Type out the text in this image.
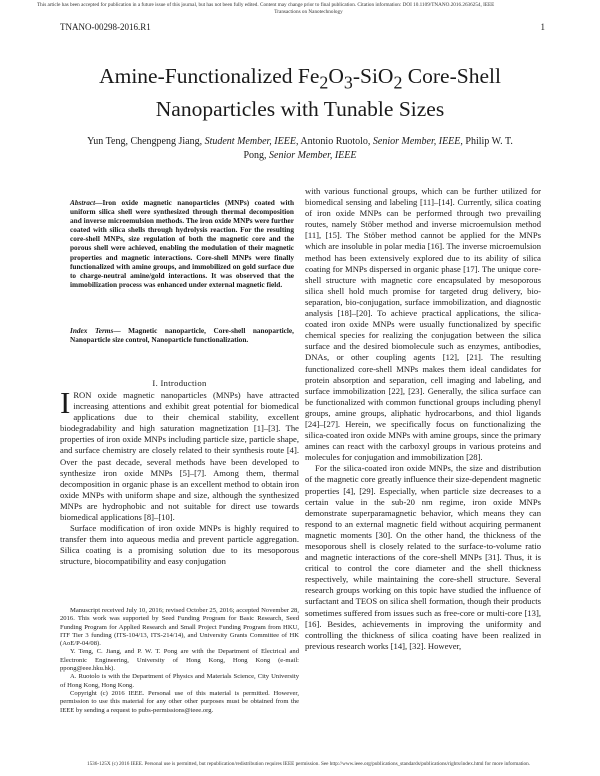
This article has been accepted for publication in a future issue of this journal, but has not been fully edited. Content may change prior to final publication. Citation information: DOI 10.1109/TNANO.2016.2636254, IEEE
Transactions on Nanotechnology
TNANO-00298-2016.R1	1
Amine-Functionalized $Fe_2O_3-SiO_2$ Core-Shell
Nanoparticles with Tunable Sizes
Yun Teng, Chengpeng Jiang, Student Member, IEEE, Antonio Ruotolo, Senior Member, IEEE, Philip W. T. Pong, Senior Member, IEEE
Abstract—Iron oxide magnetic nanoparticles (MNPs) coated with uniform silica shell were synthesized through thermal decomposition and inverse microemulsion methods. The iron oxide MNPs were further coated with silica shells through hydrolysis reaction. For the resulting core-shell MNPs, size regulation of both the magnetic core and the porous shell were achieved, enabling the modulation of their magnetic properties and magnetic interactions. Core-shell MNPs were finally functionalized with amine groups, and immobilized on gold surface due to charge-neutral amine/gold interactions. It was observed that the immobilization process was enhanced under external magnetic field.
Index Terms— Magnetic nanoparticle, Core-shell nanoparticle, Nanoparticle size control, Nanoparticle functionalization.
I. Introduction

IRON oxide magnetic nanoparticles (MNPs) have attracted increasing attentions and exhibit great potential for biomedical applications due to their chemical stability, excellent biodegradability and high saturation magnetization [1]–[3]. The properties of iron oxide MNPs including particle size, particle shape, and surface chemistry are closely related to their synthesis route [4]. Over the past decade, several methods have been developed to synthesize iron oxide MNPs [5]–[7]. Among them, thermal decomposition in organic phase is an excellent method to obtain iron oxide MNPs with uniform shape and size, although the synthesized MNPs are hydrophobic and not suitable for direct use towards biomedical applications [8]–[10].

Surface modification of iron oxide MNPs is highly required to transfer them into aqueous media and prevent particle aggregation. Silica coating is a promising solution due to its mesoporous structure, biocompatibility and easy conjugation

Manuscript received July 10, 2016; revised October 25, 2016; accepted November 28, 2016. This work was supported by Seed Funding Program for Basic Research, Seed Funding Program for Applied Research and Small Project Funding Program from HKU, ITF Tier 3 funding (ITS-104/13, ITS-214/14), and University Grants Committee of HK (AoE/P-04/08).

Y. Teng, C. Jiang, and P. W. T. Pong are with the Department of Electrical and Electronic Engineering, University of Hong Kong, Hong Kong (e-mail: ppong@eee.hku.hk).

A. Ruotolo is with the Department of Physics and Materials Science, City University of Hong Kong, Hong Kong.

Copyright (c) 2016 IEEE. Personal use of this material is permitted. However, permission to use this material for any other other purposes must be obtained from the IEEE by sending a request to pubs-permissions@ieee.org.

with various functional groups, which can be further utilized for biomedical sensing and labeling [11]–[14]. Currently, silica coating of iron oxide MNPs can be performed through two prevailing routes, namely Stöber method and inverse microemulsion method [11], [15]. The Stöber method cannot be applied for the MNPs which are insoluble in polar media [16]. The inverse microemulsion method has been extensively explored due to its ability of silica coating for MNPs dispersed in organic phase [17]. The unique core-shell structure with magnetic core encapsulated by mesoporous silica shell hold much promise for targeted drug delivery, bio-separation, bio-conjugation, surface immobilization, and diagnostic analysis [18]–[20]. To achieve practical applications, the silica-coated iron oxide MNPs were usually functionalized by specific chemical species for realizing the conjugation between the silica surface and the desired biomolecule such as enzymes, antibodies, DNAs, or other coupling agents [12], [21]. The resulting functionalized core-shell MNPs makes them ideal candidates for protein absorption and separation, cell imaging and labeling, and surface immobilization [22], [23]. Generally, the silica surface can be functionalized with common functional groups including phenyl groups, amine groups, aliphatic hydrocarbons, and thiol ligands [24]–[27]. Herein, we specifically focus on functionalizing the silica-coated iron oxide MNPs with amine groups, since the primary amines can react with the carboxyl groups in various proteins and molecules for conjugation and immobilization [28].

For the silica-coated iron oxide MNPs, the size and distribution of the magnetic core greatly influence their size-dependent magnetic properties [4], [29]. Especially, when particle size decreases to a certain value in the sub-20 nm regime, iron oxide MNPs demonstrate superparamagnetic behavior, which means they can respond to an external magnetic field without acquiring permanent magnetic moments [30]. On the other hand, the thickness of the mesoporous shell is closely related to the surface-to-volume ratio and magnetic interactions of the core-shell MNPs [31]. Thus, it is critical to control the core diameter and the shell thickness respectively, while maintaining the core-shell structure. Several research groups working on this topic have studied the influence of surfactant and TEOS on silica shell formation, though their products sometimes suffered from issues such as free-core or multi-core [13], [16]. Besides, achievements in improving the uniformity and controlling the thickness of silica coating have been realized in previous research works [14], [32]. However,

1536-125X (c) 2016 IEEE. Personal use is permitted, but republication/redistribution requires IEEE permission. See http://www.ieee.org/publications_standards/publications/rights/index.html for more information.
